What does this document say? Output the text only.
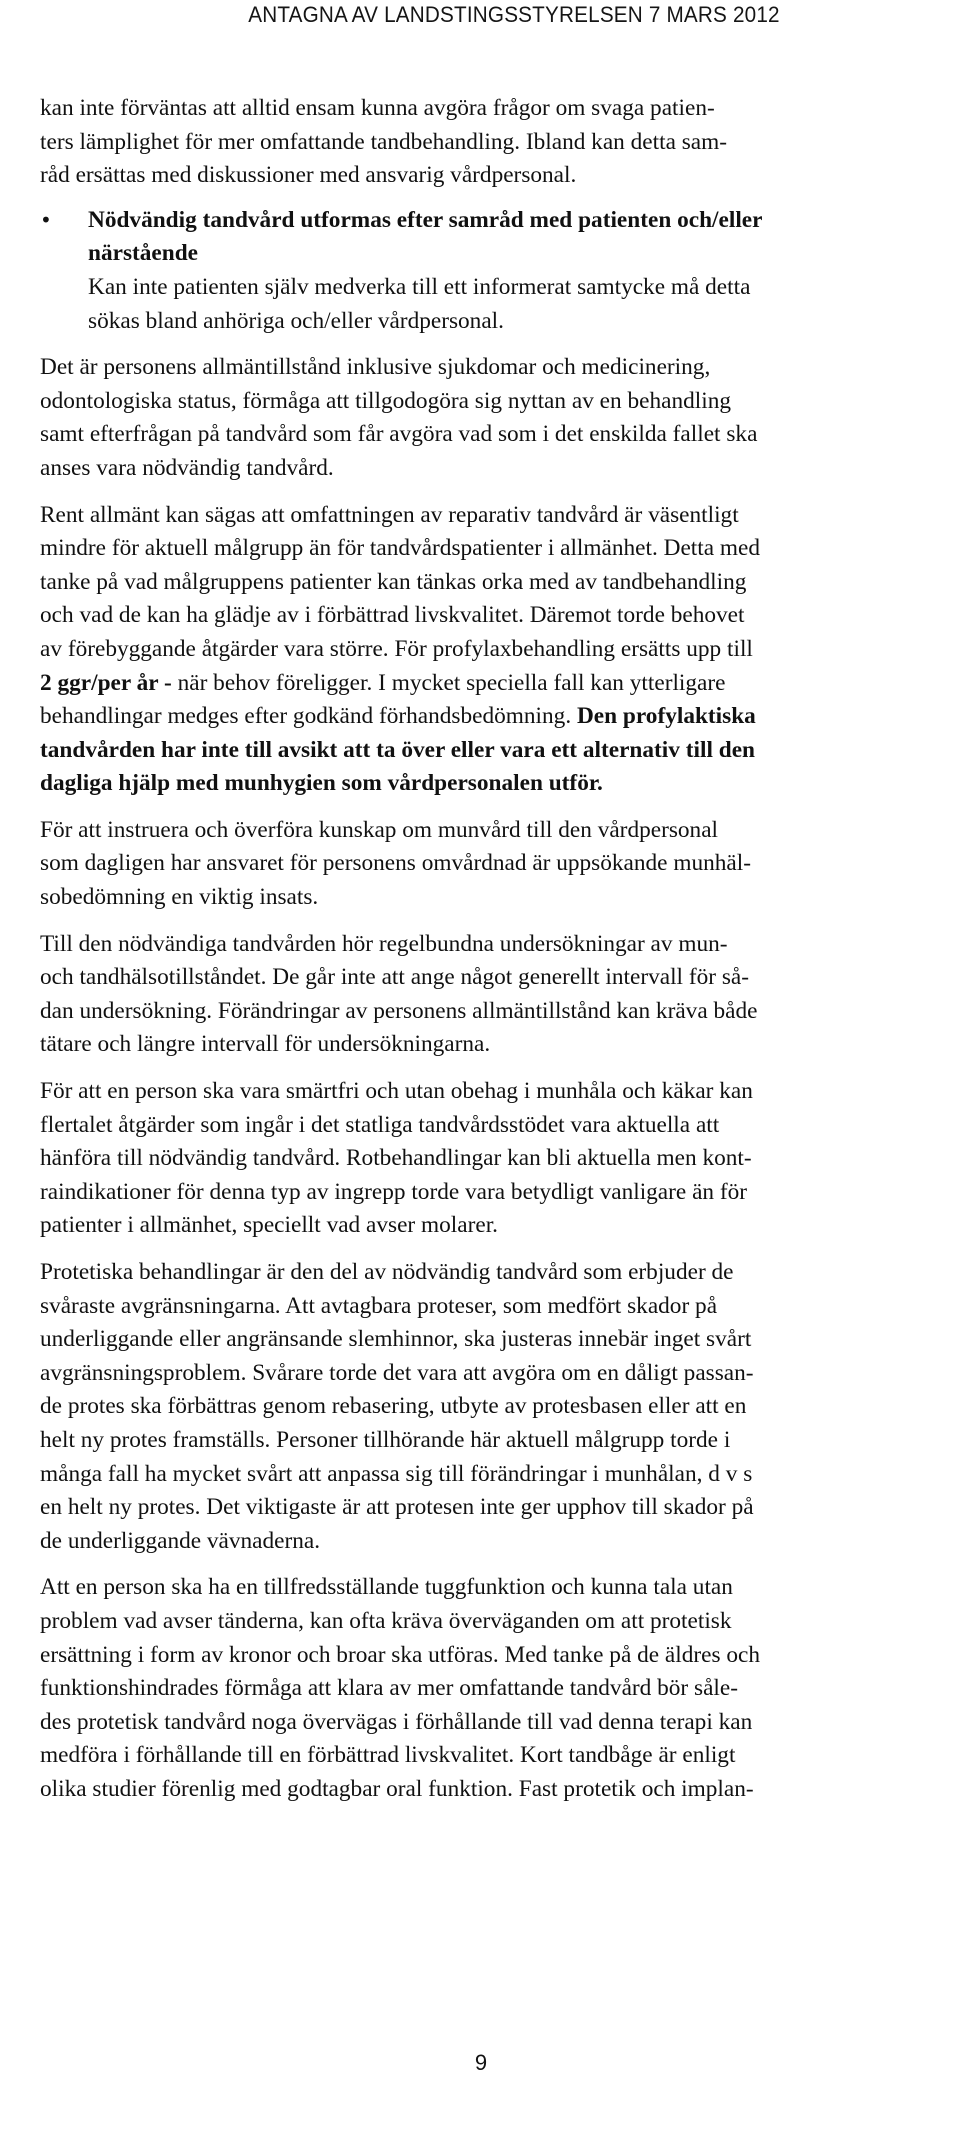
ANTAGNA AV LANDSTINGSSTYRELSEN 7 MARS 2012

kan inte förväntas att alltid ensam kunna avgöra frågor om svaga patien-
ters lämplighet för mer omfattande tandbehandling. Ibland kan detta sam-
råd ersättas med diskussioner med ansvarig vårdpersonal.

• Nödvändig tandvård utformas efter samråd med patienten och/eller
närstående
Kan inte patienten själv medverka till ett informerat samtycke må detta
sökas bland anhöriga och/eller vårdpersonal.

Det är personens allmäntillstånd inklusive sjukdomar och medicinering,
odontologiska status, förmåga att tillgodogöra sig nyttan av en behandling
samt efterfrågan på tandvård som får avgöra vad som i det enskilda fallet ska
anses vara nödvändig tandvård.

Rent allmänt kan sägas att omfattningen av reparativ tandvård är väsentligt
mindre för aktuell målgrupp än för tandvårdspatienter i allmänhet. Detta med
tanke på vad målgruppens patienter kan tänkas orka med av tandbehandling
och vad de kan ha glädje av i förbättrad livskvalitet. Däremot torde behovet
av förebyggande åtgärder vara större. För profylaxbehandling ersätts upp till
2 ggr/per år - när behov föreligger. I mycket speciella fall kan ytterligare
behandlingar medges efter godkänd förhandsbedömning. Den profylaktiska
tandvården har inte till avsikt att ta över eller vara ett alternativ till den
dagliga hjälp med munhygien som vårdpersonalen utför.

För att instruera och överföra kunskap om munvård till den vårdpersonal
som dagligen har ansvaret för personens omvårdnad är uppsökande munhäl-
sobedömning en viktig insats.

Till den nödvändiga tandvården hör regelbundna undersökningar av mun-
och tandhälsotillståndet. De går inte att ange något generellt intervall för så-
dan undersökning. Förändringar av personens allmäntillstånd kan kräva både
tätare och längre intervall för undersökningarna.

För att en person ska vara smärtfri och utan obehag i munhåla och käkar kan
flertalet åtgärder som ingår i det statliga tandvårdsstödet vara aktuella att
hänföra till nödvändig tandvård. Rotbehandlingar kan bli aktuella men kont-
raindikationer för denna typ av ingrepp torde vara betydligt vanligare än för
patienter i allmänhet, speciellt vad avser molarer.

Protetiska behandlingar är den del av nödvändig tandvård som erbjuder de
svåraste avgränsningarna. Att avtagbara proteser, som medfört skador på
underliggande eller angränsande slemhinnor, ska justeras innebär inget svårt
avgränsningsproblem. Svårare torde det vara att avgöra om en dåligt passan-
de protes ska förbättras genom rebasering, utbyte av protesbasen eller att en
helt ny protes framställs. Personer tillhörande här aktuell målgrupp torde i
många fall ha mycket svårt att anpassa sig till förändringar i munhålan, d v s
en helt ny protes. Det viktigaste är att protesen inte ger upphov till skador på
de underliggande vävnaderna.

Att en person ska ha en tillfredsställande tuggfunktion och kunna tala utan
problem vad avser tänderna, kan ofta kräva överväganden om att protetisk
ersättning i form av kronor och broar ska utföras. Med tanke på de äldres och
funktionshindrades förmåga att klara av mer omfattande tandvård bör såle-
des protetisk tandvård noga övervägas i förhållande till vad denna terapi kan
medföra i förhållande till en förbättrad livskvalitet. Kort tandbåge är enligt
olika studier förenlig med godtagbar oral funktion. Fast protetik och implan-

9
